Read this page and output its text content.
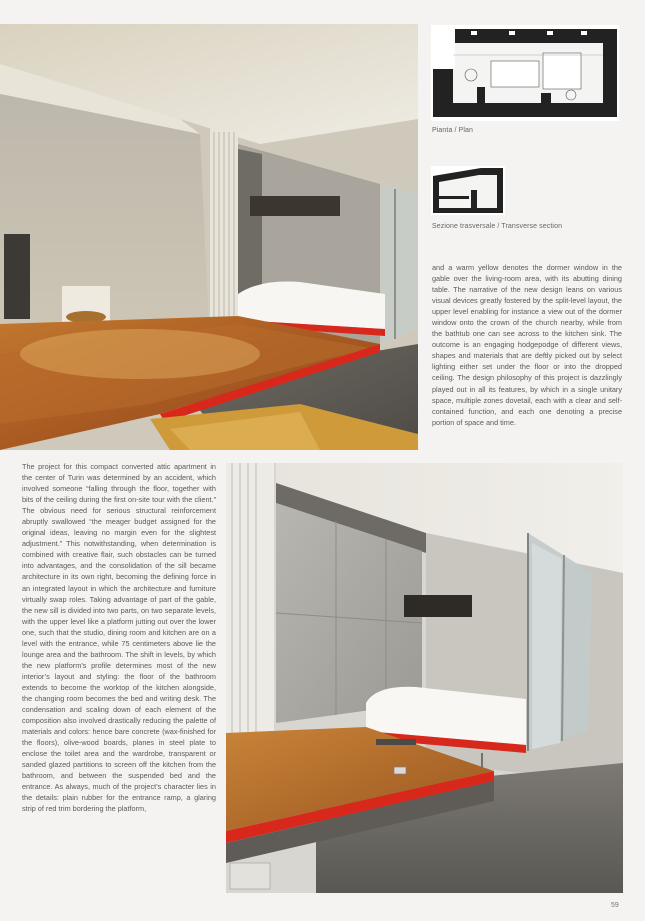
Pianta / Plan
Sezione trasversale / Transverse section
and a warm yellow denotes the dormer window in the gable over the living-room area, with its abutting dining table. The narrative of the new design leans on various visual devices greatly fostered by the split-level layout, the upper level enabling for instance a view out of the dormer window onto the crown of the church nearby, while from the bathtub one can see across to the kitchen sink. The outcome is an engaging hodgepodge of different views, shapes and materials that are deftly picked out by select lighting either set under the floor or into the dropped ceiling. The design philosophy of this project is dazzlingly played out in all its features, by which in a single unitary space, multiple zones dovetail, each with a clear and self-contained function, and each one denoting a precise portion of space and time.
The project for this compact converted attic apartment in the center of Turin was determined by an accident, which involved someone “falling through the floor, together with bits of the ceiling during the first on-site tour with the client.” The obvious need for serious structural reinforcement abruptly swallowed “the meager budget assigned for the original ideas, leaving no margin even for the slightest adjustment.” This notwithstanding, when determination is combined with creative flair, such obstacles can be turned into advantages, and the consolidation of the sill became architecture in its own right, becoming the defining force in an integrated layout in which the architecture and furniture virtually swap roles. Taking advantage of part of the gable, the new sill is divided into two parts, on two separate levels, with the upper level like a platform jutting out over the lower one, such that the studio, dining room and kitchen are on a level with the entrance, while 75 centimeters above lie the lounge area and the bathroom. The shift in levels, by which the new platform’s profile determines most of the new interior’s layout and styling: the floor of the bathroom extends to become the worktop of the kitchen alongside, the changing room becomes the bed and writing desk. The condensation and scaling down of each element of the composition also involved drastically reducing the palette of materials and colors: hence bare concrete (wax-finished for the floors), olive-wood boards, planes in steel plate to enclose the toilet area and the wardrobe, transparent or sanded glazed partitions to screen off the kitchen from the bathroom, and between the suspended bed and the entrance. As always, much of the project’s character lies in the details: plain rubber for the entrance ramp, a glaring strip of red trim bordering the platform,
59
